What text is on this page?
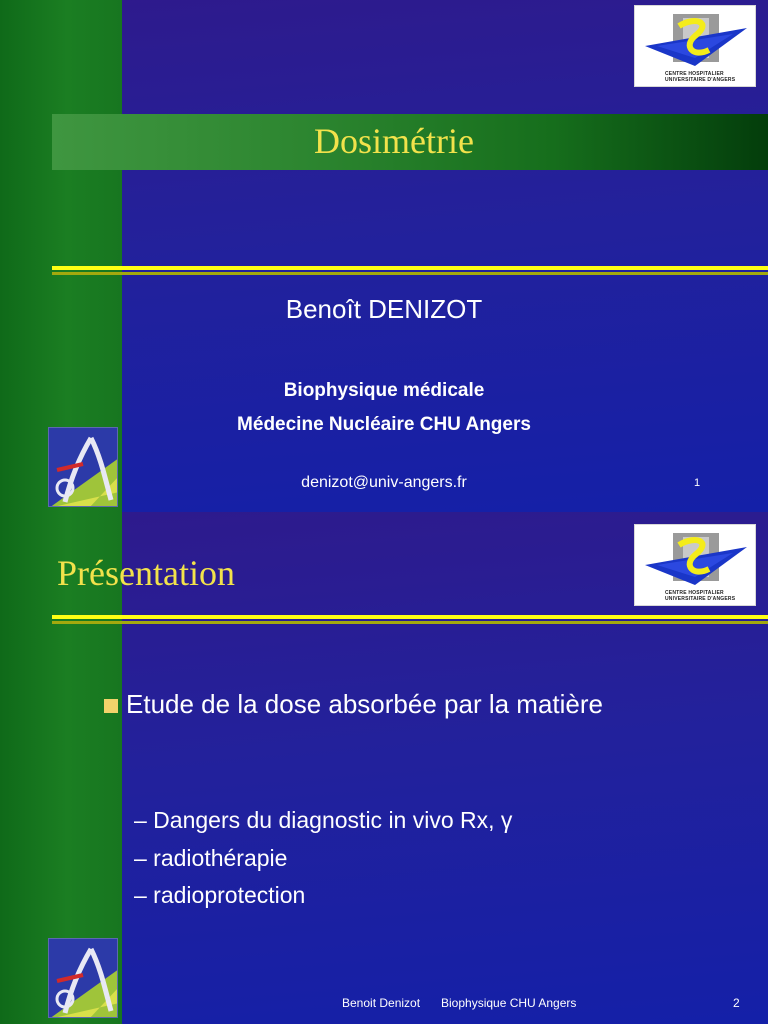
CENTRE HOSPITALIER
UNIVERSITAIRE D'ANGERS
Dosimétrie
Benoît DENIZOT
Biophysique médicale
Médecine Nucléaire CHU Angers
denizot@univ-angers.fr	1
Présentation	CENTRE HOSPITALIER
UNIVERSITAIRE D'ANGERS
Etude de la dose absorbée par la matière
– Dangers du diagnostic in vivo Rx, γ
– radiothérapie
– radioprotection
Benoit Denizot Biophysique CHU Angers	2
